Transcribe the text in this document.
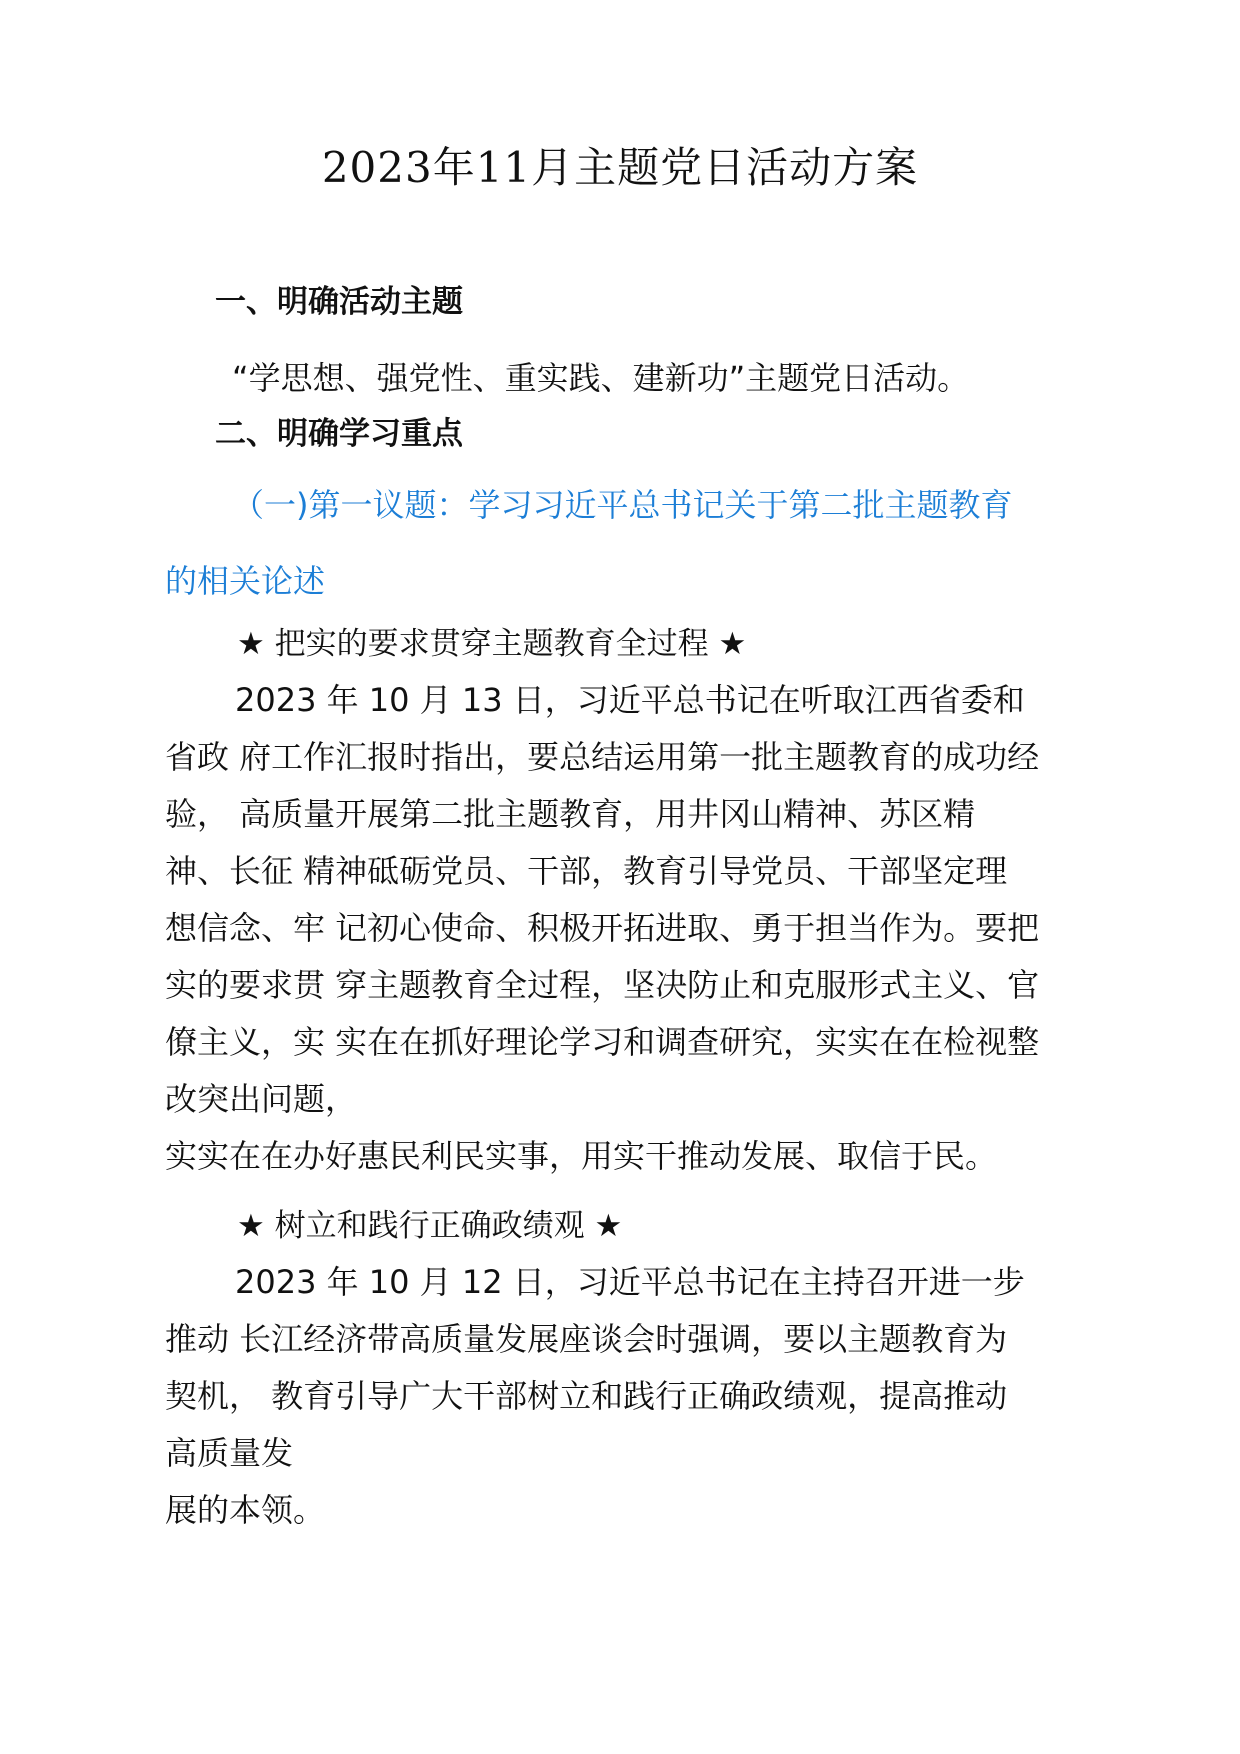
2023年11月主题党日活动方案
一、明确活动主题
“学思想、强党性、重实践、建新功”主题党日活动。
二、明确学习重点
（一)第一议题：学习习近平总书记关于第二批主题教育
的相关论述
★ 把实的要求贯穿主题教育全过程 ★

2023 年 10 月 13 日，习近平总书记在听取江西省委和

省政 府工作汇报时指出，要总结运用第一批主题教育的成功经

验， 高质量开展第二批主题教育，用井冈山精神、苏区精

神、长征 精神砥砺党员、干部，教育引导党员、干部坚定理

想信念、牢 记初心使命、积极开拓进取、勇于担当作为。要把

实的要求贯 穿主题教育全过程，坚决防止和克服形式主义、官

僚主义，实 实在在抓好理论学习和调查研究，实实在在检视整

改突出问题，

实实在在办好惠民利民实事，用实干推动发展、取信于民。

★ 树立和践行正确政绩观 ★

2023 年 10 月 12 日，习近平总书记在主持召开进一步

推动 长江经济带高质量发展座谈会时强调，要以主题教育为

契机， 教育引导广大干部树立和践行正确政绩观，提高推动

高质量发

展的本领。
